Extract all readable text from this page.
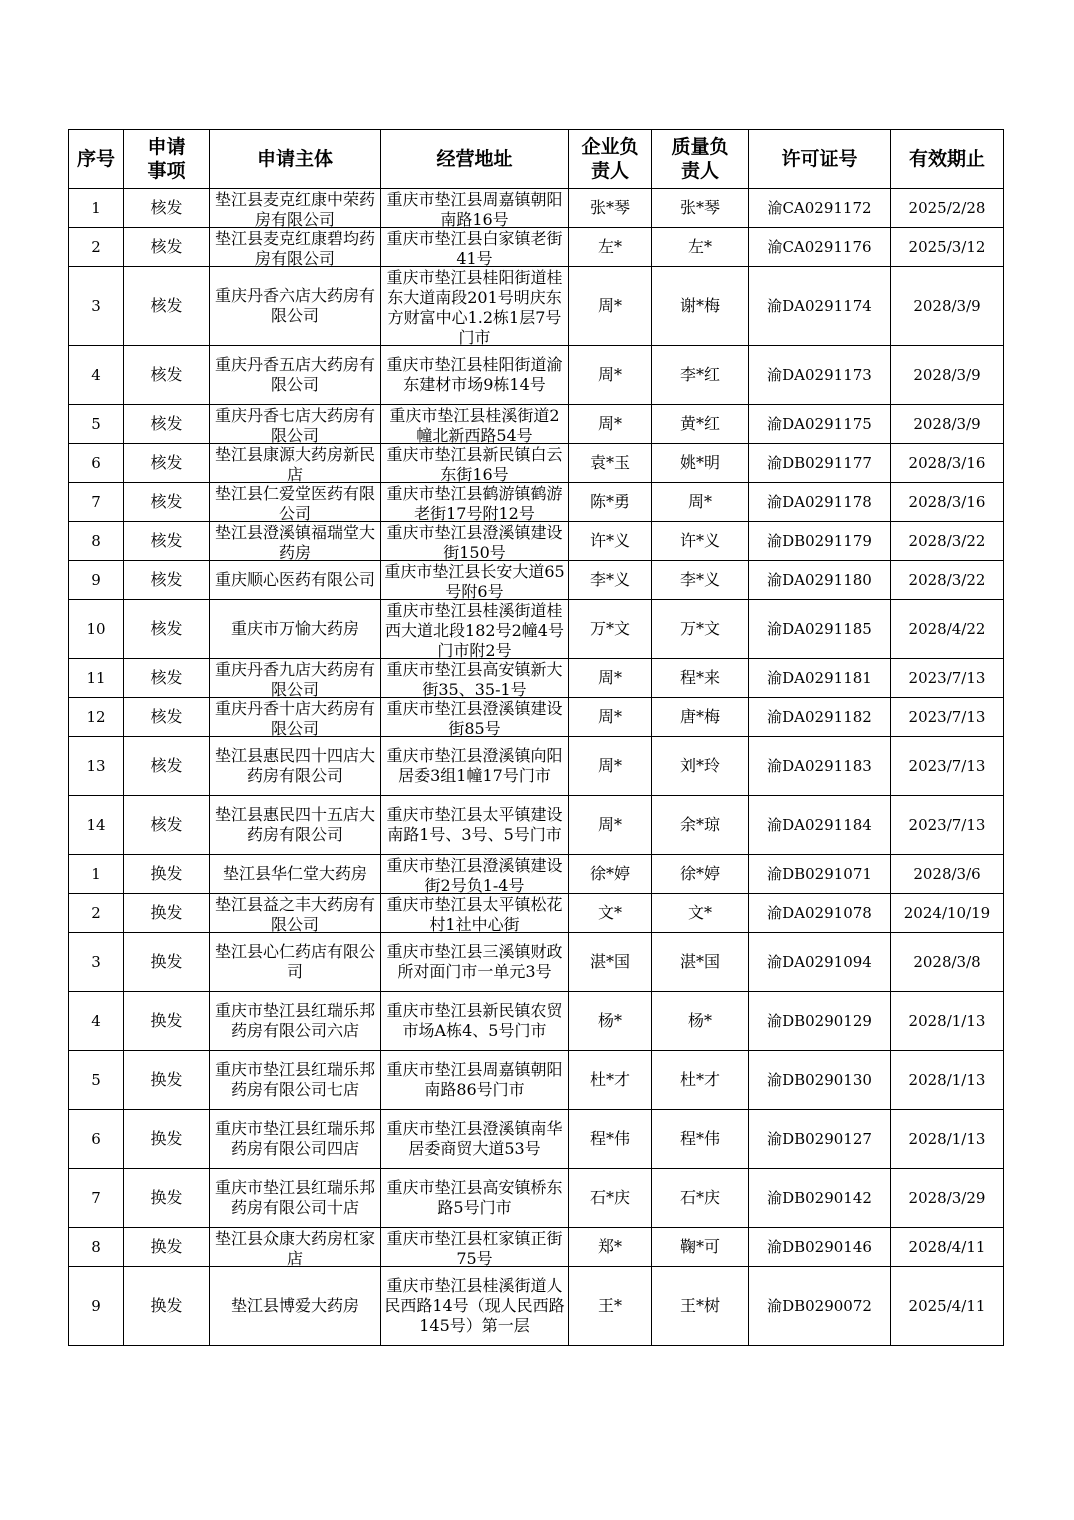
序号	申请事项	申请主体	经营地址	企业负责人	质量负责人	许可证号	有效期止
1	核发	垫江县麦克红康中荣药房有限公司	重庆市垫江县周嘉镇朝阳南路16号	张*琴	张*琴	渝CA0291172	2025/2/28
2	核发	垫江县麦克红康碧均药房有限公司	重庆市垫江县白家镇老街41号	左*	左*	渝CA0291176	2025/3/12
3	核发	重庆丹香六店大药房有限公司	重庆市垫江县桂阳街道桂东大道南段201号明庆东方财富中心1.2栋1层7号门市	周*	谢*梅	渝DA0291174	2028/3/9
4	核发	重庆丹香五店大药房有限公司	重庆市垫江县桂阳街道渝东建材市场9栋14号	周*	李*红	渝DA0291173	2028/3/9
5	核发	重庆丹香七店大药房有限公司	重庆市垫江县桂溪街道2幢北新西路54号	周*	黄*红	渝DA0291175	2028/3/9
6	核发	垫江县康源大药房新民店	重庆市垫江县新民镇白云东街16号	袁*玉	姚*明	渝DB0291177	2028/3/16
7	核发	垫江县仁爱堂医药有限公司	重庆市垫江县鹤游镇鹤游老街17号附12号	陈*勇	周*	渝DA0291178	2028/3/16
8	核发	垫江县澄溪镇福瑞堂大药房	重庆市垫江县澄溪镇建设街150号	许*义	许*义	渝DB0291179	2028/3/22
9	核发	重庆顺心医药有限公司	重庆市垫江县长安大道65号附6号	李*义	李*义	渝DA0291180	2028/3/22
10	核发	重庆市万愉大药房	重庆市垫江县桂溪街道桂西大道北段182号2幢4号门市附2号	万*文	万*文	渝DA0291185	2028/4/22
11	核发	重庆丹香九店大药房有限公司	重庆市垫江县高安镇新大街35、35-1号	周*	程*来	渝DA0291181	2023/7/13
12	核发	重庆丹香十店大药房有限公司	重庆市垫江县澄溪镇建设街85号	周*	唐*梅	渝DA0291182	2023/7/13
13	核发	垫江县惠民四十四店大药房有限公司	重庆市垫江县澄溪镇向阳居委3组1幢17号门市	周*	刘*玲	渝DA0291183	2023/7/13
14	核发	垫江县惠民四十五店大药房有限公司	重庆市垫江县太平镇建设南路1号、3号、5号门市	周*	余*琼	渝DA0291184	2023/7/13
1	换发	垫江县华仁堂大药房	重庆市垫江县澄溪镇建设街2号负1-4号	徐*婷	徐*婷	渝DB0291071	2028/3/6
2	换发	垫江县益之丰大药房有限公司	重庆市垫江县太平镇松花村1社中心街	文*	文*	渝DA0291078	2024/10/19
3	换发	垫江县心仁药店有限公司	重庆市垫江县三溪镇财政所对面门市一单元3号	湛*国	湛*国	渝DA0291094	2028/3/8
4	换发	重庆市垫江县红瑞乐邦药房有限公司六店	重庆市垫江县新民镇农贸市场A栋4、5号门市	杨*	杨*	渝DB0290129	2028/1/13
5	换发	重庆市垫江县红瑞乐邦药房有限公司七店	重庆市垫江县周嘉镇朝阳南路86号门市	杜*才	杜*才	渝DB0290130	2028/1/13
6	换发	重庆市垫江县红瑞乐邦药房有限公司四店	重庆市垫江县澄溪镇南华居委商贸大道53号	程*伟	程*伟	渝DB0290127	2028/1/13
7	换发	重庆市垫江县红瑞乐邦药房有限公司十店	重庆市垫江县高安镇桥东路5号门市	石*庆	石*庆	渝DB0290142	2028/3/29
8	换发	垫江县众康大药房杠家店	重庆市垫江县杠家镇正街75号	郑*	鞠*可	渝DB0290146	2028/4/11
9	换发	垫江县博爱大药房	重庆市垫江县桂溪街道人民西路14号（现人民西路145号）第一层	王*	王*树	渝DB0290072	2025/4/11
